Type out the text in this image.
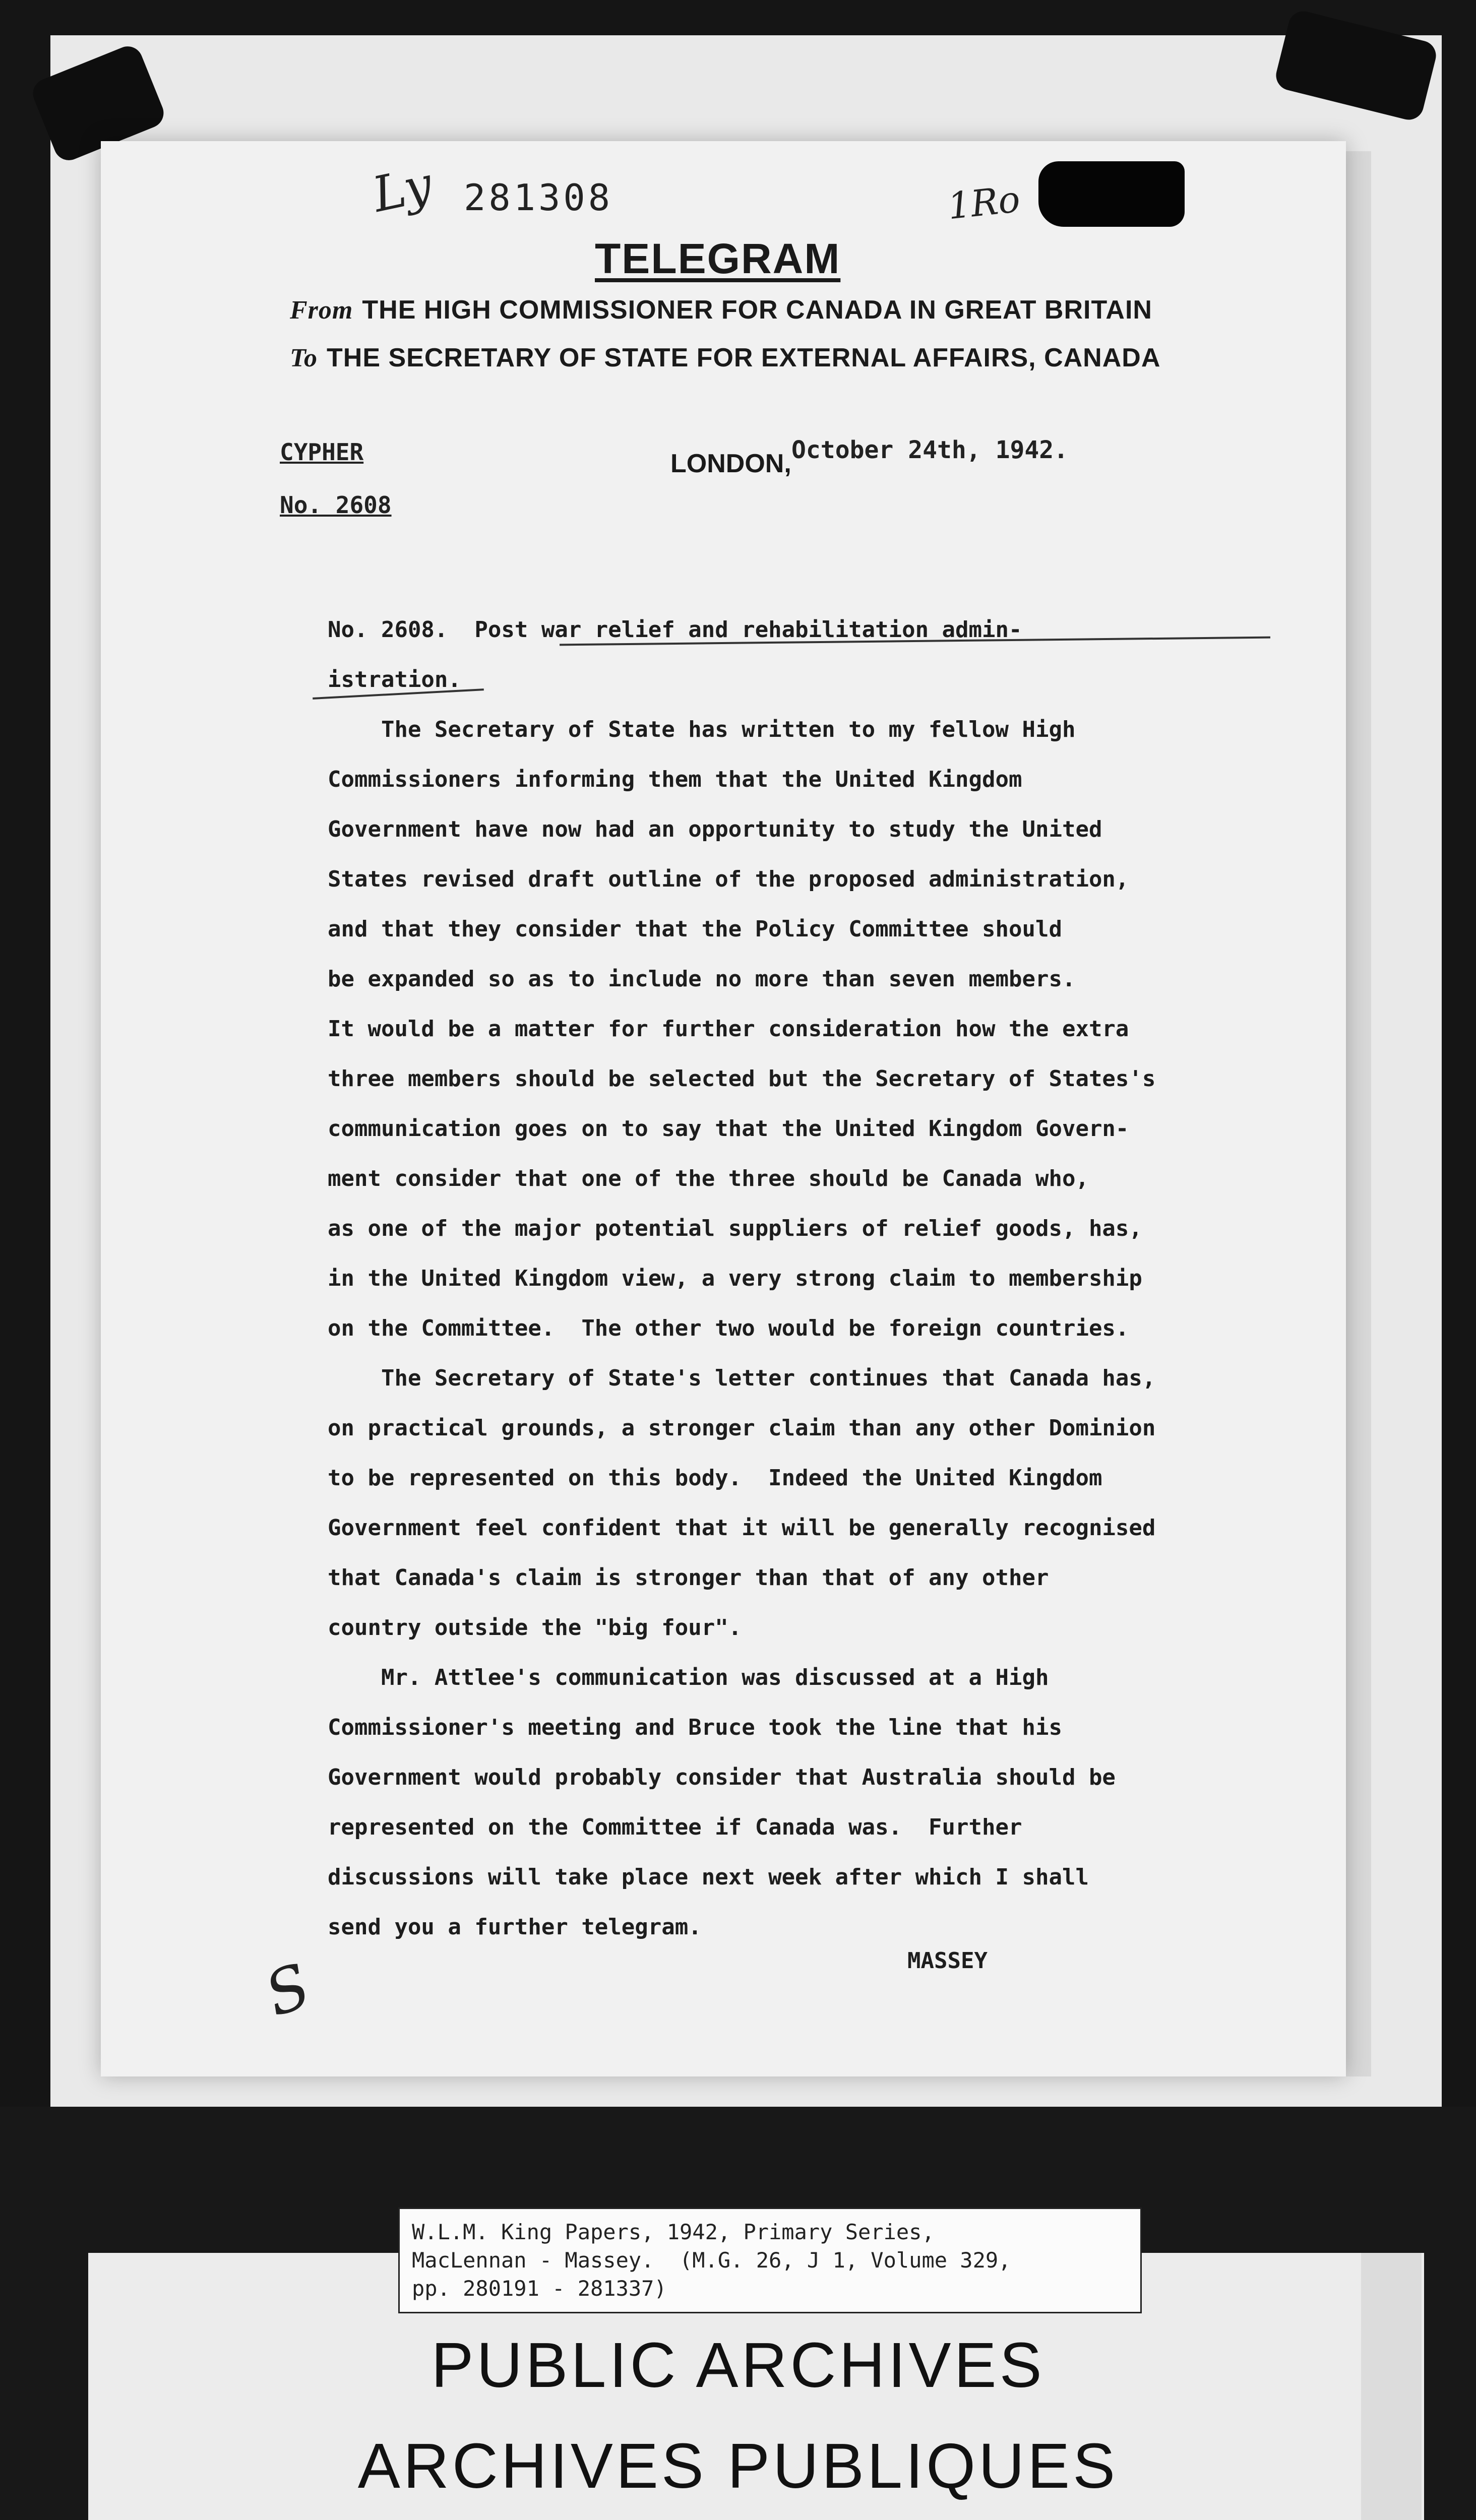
Ly 281308	1Ro
TELEGRAM
From THE HIGH COMMISSIONER FOR CANADA IN GREAT BRITAIN
To THE SECRETARY OF STATE FOR EXTERNAL AFFAIRS, CANADA
CYPHER
No. 2608
LONDON, October 24th, 1942.
No. 2608.  Post war relief and rehabilitation admin-
istration.
The Secretary of State has written to my fellow High
Commissioners informing them that the United Kingdom
Government have now had an opportunity to study the United
States revised draft outline of the proposed administration,
and that they consider that the Policy Committee should
be expanded so as to include no more than seven members.
It would be a matter for further consideration how the extra
three members should be selected but the Secretary of States's
communication goes on to say that the United Kingdom Govern-
ment consider that one of the three should be Canada who,
as one of the major potential suppliers of relief goods, has,
in the United Kingdom view, a very strong claim to membership
on the Committee.  The other two would be foreign countries.
The Secretary of State's letter continues that Canada has,
on practical grounds, a stronger claim than any other Dominion
to be represented on this body.  Indeed the United Kingdom
Government feel confident that it will be generally recognised
that Canada's claim is stronger than that of any other
country outside the "big four".
Mr. Attlee's communication was discussed at a High
Commissioner's meeting and Bruce took the line that his
Government would probably consider that Australia should be
represented on the Committee if Canada was.  Further
discussions will take place next week after which I shall
send you a further telegram.
S	MASSEY
W.L.M. King Papers, 1942, Primary Series,
MacLennan - Massey.  (M.G. 26, J 1, Volume 329,
pp. 280191 - 281337)
PUBLIC ARCHIVES
ARCHIVES PUBLIQUES
